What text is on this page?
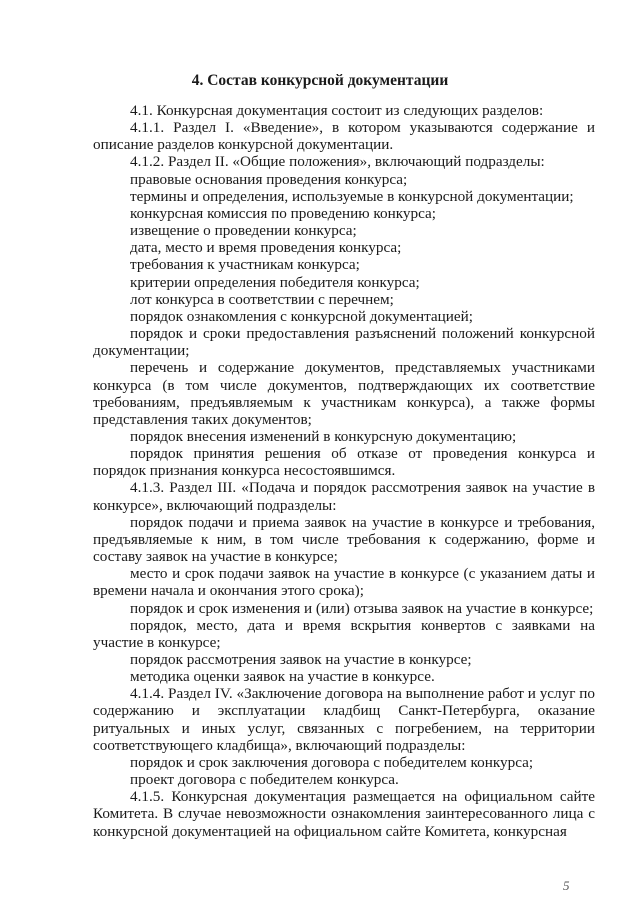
4. Состав конкурсной документации

4.1. Конкурсная документация состоит из следующих разделов:

4.1.1. Раздел I. «Введение», в котором указываются содержание и описание разделов конкурсной документации.

4.1.2. Раздел II. «Общие положения», включающий подразделы:

правовые основания проведения конкурса;

термины и определения, используемые в конкурсной документации;

конкурсная комиссия по проведению конкурса;

извещение о проведении конкурса;

дата, место и время проведения конкурса;

требования к участникам конкурса;

критерии определения победителя конкурса;

лот конкурса в соответствии с перечнем;

порядок ознакомления с конкурсной документацией;

порядок и сроки предоставления разъяснений положений конкурсной документации;

перечень и содержание документов, представляемых участниками конкурса (в том числе документов, подтверждающих их соответствие требованиям, предъявляемым к участникам конкурса), а также формы представления таких документов;

порядок внесения изменений в конкурсную документацию;

порядок принятия решения об отказе от проведения конкурса и порядок признания конкурса несостоявшимся.

4.1.3. Раздел III. «Подача и порядок рассмотрения заявок на участие в конкурсе», включающий подразделы:

порядок подачи и приема заявок на участие в конкурсе и требования, предъявляемые к ним, в том числе требования к содержанию, форме и составу заявок на участие в конкурсе;

место и срок подачи заявок на участие в конкурсе (с указанием даты и времени начала и окончания этого срока);

порядок и срок изменения и (или) отзыва заявок на участие в конкурсе;

порядок, место, дата и время вскрытия конвертов с заявками на участие в конкурсе;

порядок рассмотрения заявок на участие в конкурсе;

методика оценки заявок на участие в конкурсе.

4.1.4. Раздел IV. «Заключение договора на выполнение работ и услуг по содержанию и эксплуатации кладбищ Санкт-Петербурга, оказание ритуальных и иных услуг, связанных с погребением, на территории соответствующего кладбища», включающий подразделы:

порядок и срок заключения договора с победителем конкурса;

проект договора с победителем конкурса.

4.1.5. Конкурсная документация размещается на официальном сайте Комитета. В случае невозможности ознакомления заинтересованного лица с конкурсной документацией на официальном сайте Комитета, конкурсная

5
